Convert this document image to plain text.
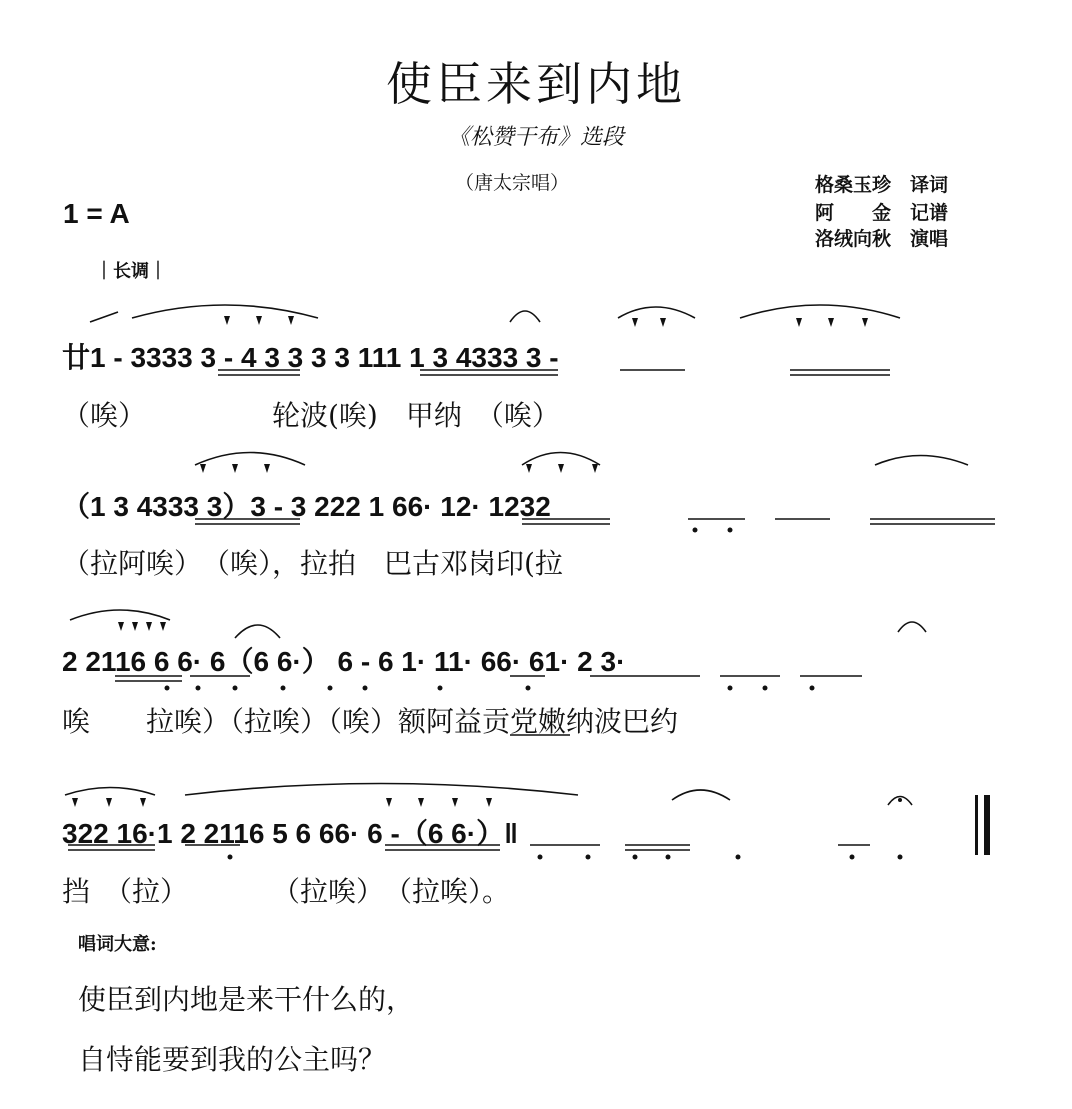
使臣来到内地
《松赞干布》选段
（唐太宗唱）	格桑玉珍　译词
阿　　金　记谱
洛绒向秋　演唱
1 = A
｜长调｜
廿1 - 3333 3 - 4 3 3 3 3 111 1 3 4333 3 -
（唉）　　　　　轮波(唉)　甲纳　（唉）
（1 3 4333 3）3 - 3 222 1 66· 12· 1232
（拉阿唉）　（唉），拉拍　巴古邓岗印(拉
2 2116 6 6· 6（6 6·） 6 - 6 1· 11· 66· 61· 2 3·
唉　　拉唉）（拉唉）（唉）额阿益贡党嫩纳波巴约
322 16·1 2 2116 5 6 66· 6 -（6 6·）‖
挡　（拉）　　　　（拉唉）　（拉唉）。
唱词大意:
使臣到内地是来干什么的，
自恃能要到我的公主吗？
